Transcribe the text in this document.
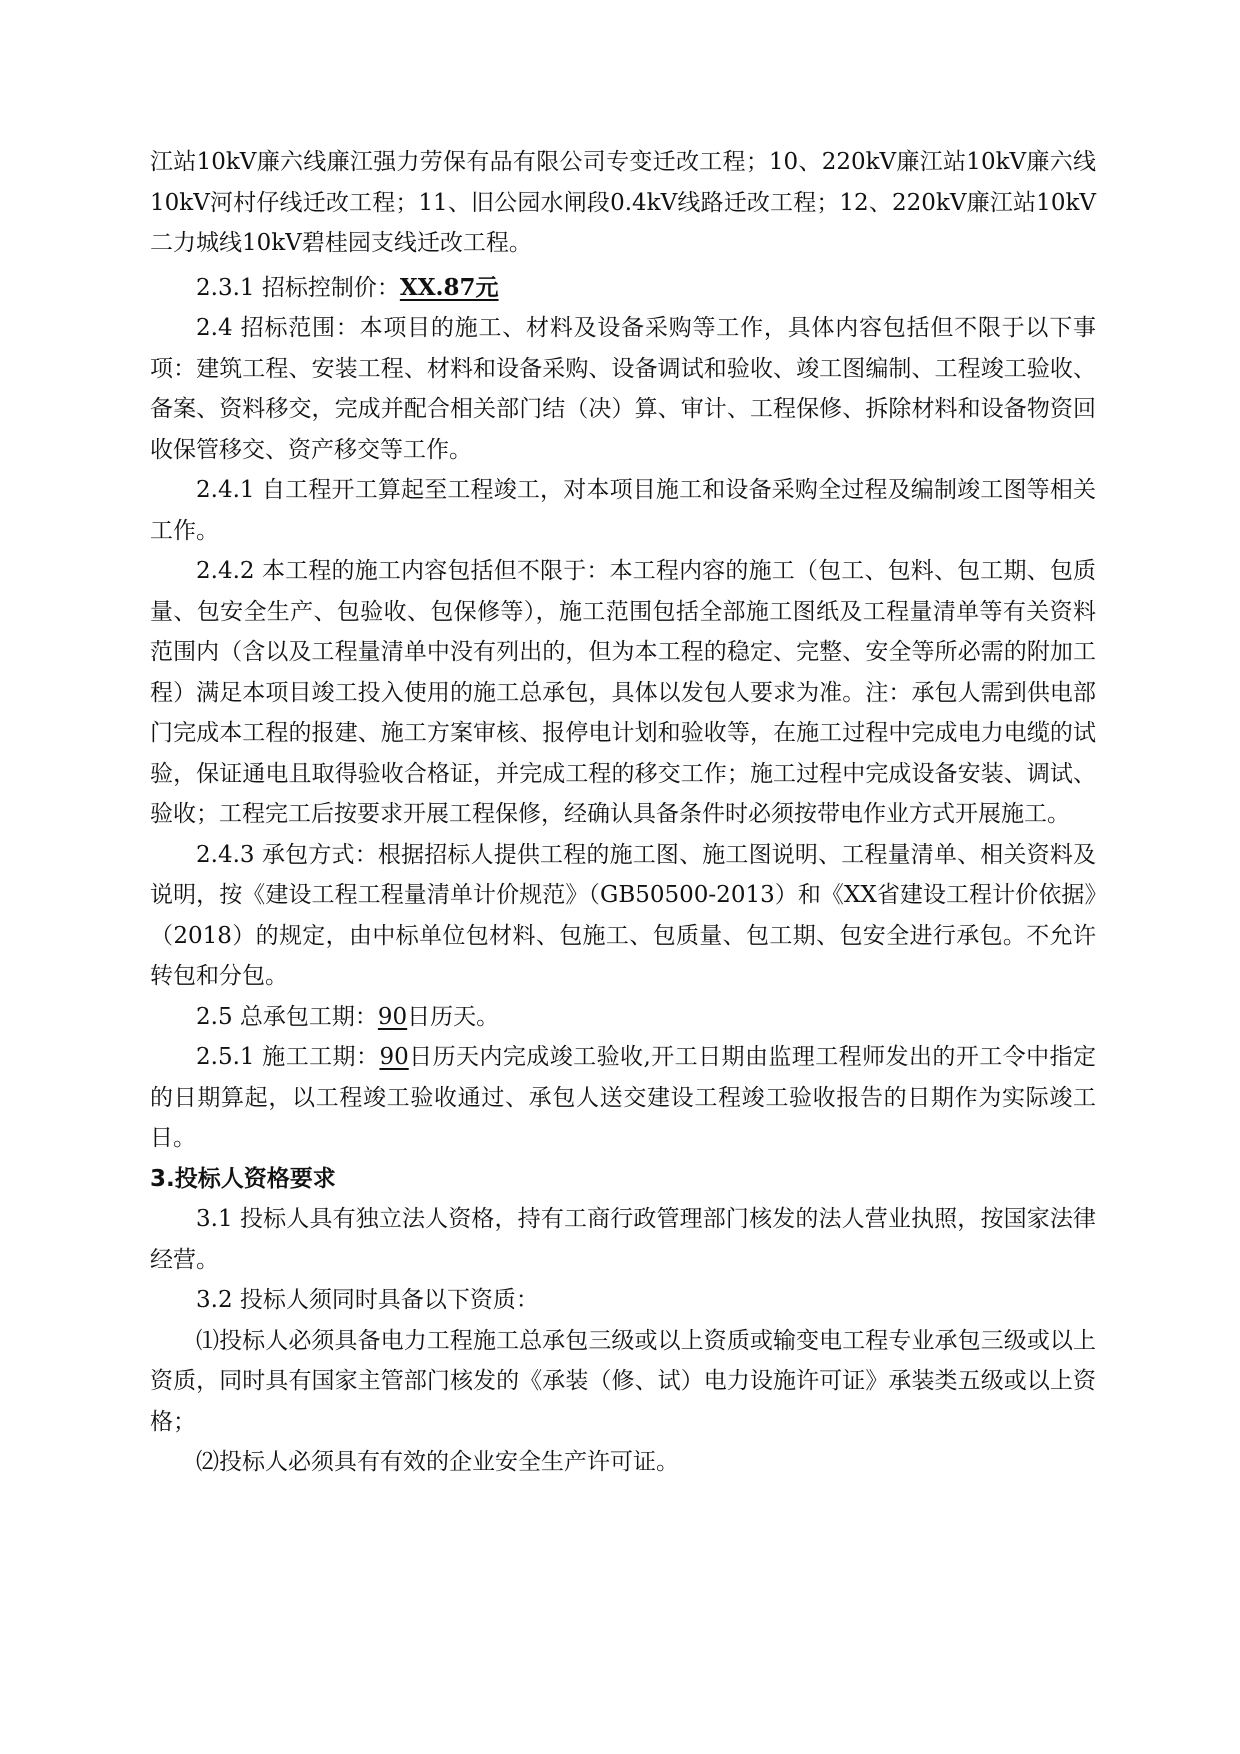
江站10kV廉六线廉江强力劳保有品有限公司专变迁改工程；10、220kV廉江站10kV廉六线10kV河村仔线迁改工程；11、旧公园水闸段0.4kV线路迁改工程；12、220kV廉江站10kV二力城线10kV碧桂园支线迁改工程。

2.3.1 招标控制价：XX.87元

2.4 招标范围：本项目的施工、材料及设备采购等工作，具体内容包括但不限于以下事项：建筑工程、安装工程、材料和设备采购、设备调试和验收、竣工图编制、工程竣工验收、备案、资料移交，完成并配合相关部门结（决）算、审计、工程保修、拆除材料和设备物资回收保管移交、资产移交等工作。

2.4.1 自工程开工算起至工程竣工，对本项目施工和设备采购全过程及编制竣工图等相关工作。

2.4.2 本工程的施工内容包括但不限于：本工程内容的施工（包工、包料、包工期、包质量、包安全生产、包验收、包保修等），施工范围包括全部施工图纸及工程量清单等有关资料范围内（含以及工程量清单中没有列出的，但为本工程的稳定、完整、安全等所必需的附加工程）满足本项目竣工投入使用的施工总承包，具体以发包人要求为准。注：承包人需到供电部门完成本工程的报建、施工方案审核、报停电计划和验收等，在施工过程中完成电力电缆的试验，保证通电且取得验收合格证，并完成工程的移交工作；施工过程中完成设备安装、调试、验收；工程完工后按要求开展工程保修，经确认具备条件时必须按带电作业方式开展施工。

2.4.3 承包方式：根据招标人提供工程的施工图、施工图说明、工程量清单、相关资料及说明，按《建设工程工程量清单计价规范》（GB50500-2013）和《XX省建设工程计价依据》（2018）的规定，由中标单位包材料、包施工、包质量、包工期、包安全进行承包。不允许转包和分包。

2.5 总承包工期：90日历天。

2.5.1 施工工期：90日历天内完成竣工验收,开工日期由监理工程师发出的开工令中指定的日期算起，以工程竣工验收通过、承包人送交建设工程竣工验收报告的日期作为实际竣工日。

3.投标人资格要求

3.1 投标人具有独立法人资格，持有工商行政管理部门核发的法人营业执照，按国家法律经营。

3.2 投标人须同时具备以下资质：

⑴投标人必须具备电力工程施工总承包三级或以上资质或输变电工程专业承包三级或以上资质，同时具有国家主管部门核发的《承装（修、试）电力设施许可证》承装类五级或以上资格；

⑵投标人必须具有有效的企业安全生产许可证。
